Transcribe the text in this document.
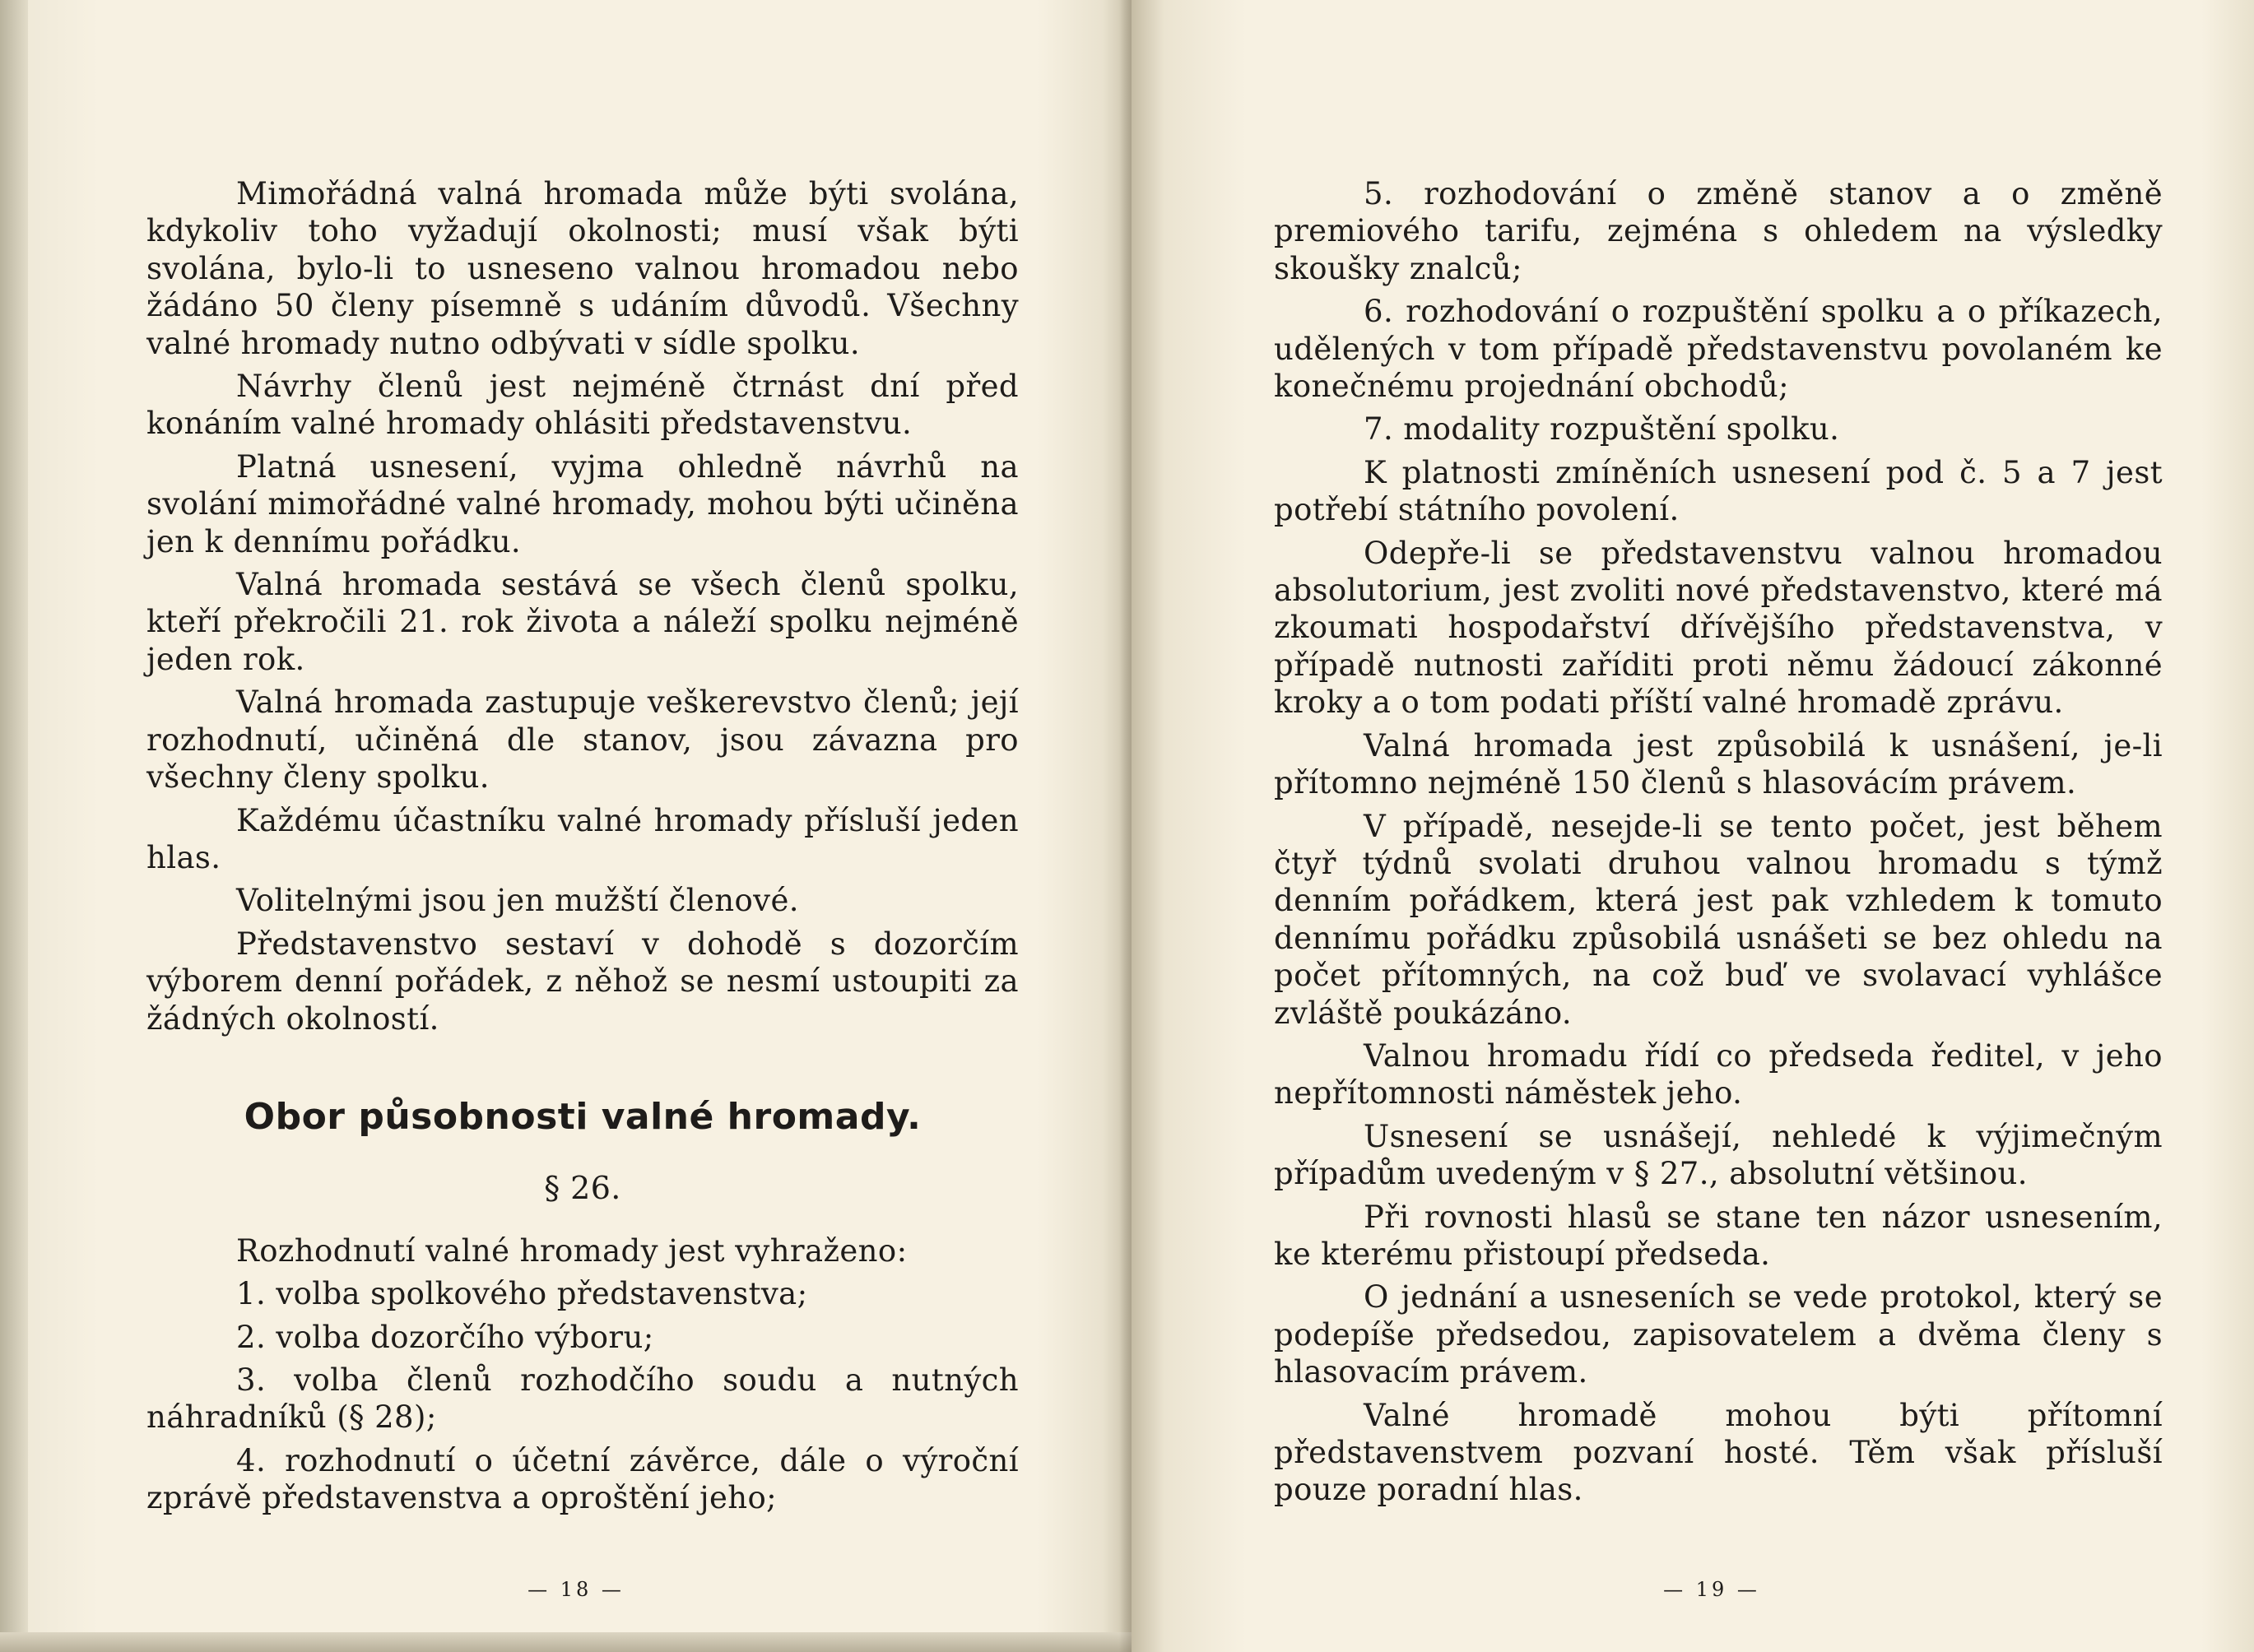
Mimořádná valná hromada může býti svolána, kdykoliv toho vyžadují okolnosti; musí však býti svolána, bylo-li to usneseno valnou hromadou nebo žádáno 50 členy písemně s udáním důvodů. Všechny valné hromady nutno odbývati v sídle spolku.

Návrhy členů jest nejméně čtrnást dní před konáním valné hromady ohlásiti představenstvu.

Platná usnesení, vyjma ohledně návrhů na svolání mimořádné valné hromady, mohou býti učiněna jen k dennímu pořádku.

Valná hromada sestává se všech členů spolku, kteří překročili 21. rok života a náleží spolku nejméně jeden rok.

Valná hromada zastupuje veškerevstvo členů; její rozhodnutí, učiněná dle stanov, jsou závazna pro všechny členy spolku.

Každému účastníku valné hromady přísluší jeden hlas.

Volitelnými jsou jen mužští členové.

Představenstvo sestaví v dohodě s dozorčím výborem denní pořádek, z něhož se nesmí ustoupiti za žádných okolností.

Obor působnosti valné hromady.
§ 26.

Rozhodnutí valné hromady jest vyhraženo:

1. volba spolkového představenstva;

2. volba dozorčího výboru;

3. volba členů rozhodčího soudu a nutných náhradníků (§ 28);

4. rozhodnutí o účetní závěrce, dále o výroční zprávě představenstva a oproštění jeho;

— 18 —

5. rozhodování o změně stanov a o změně premiového tarifu, zejména s ohledem na výsledky skoušky znalců;

6. rozhodování o rozpuštění spolku a o příkazech, udělených v tom případě představenstvu povolaném ke konečnému projednání obchodů;

7. modality rozpuštění spolku.

K platnosti zmíněních usnesení pod č. 5 a 7 jest potřebí státního povolení.

Odepře-li se představenstvu valnou hromadou absolutorium, jest zvoliti nové představenstvo, které má zkoumati hospodařství dřívějšího představenstva, v případě nutnosti zaříditi proti němu žádoucí zákonné kroky a o tom podati příští valné hromadě zprávu.

Valná hromada jest způsobilá k usnášení, je-li přítomno nejméně 150 členů s hlasovácím právem.

V případě, nesejde-li se tento počet, jest během čtyř týdnů svolati druhou valnou hromadu s týmž denním pořádkem, která jest pak vzhledem k tomuto dennímu pořádku způsobilá usnášeti se bez ohledu na počet přítomných, na což buď ve svolavací vyhlášce zvláště poukázáno.

Valnou hromadu řídí co předseda ředitel, v jeho nepřítomnosti náměstek jeho.

Usnesení se usnášejí, nehledé k výjimečným případům uvedeným v § 27., absolutní většinou.

Při rovnosti hlasů se stane ten názor usnesením, ke kterému přistoupí předseda.

O jednání a usneseních se vede protokol, který se podepíše předsedou, zapisovatelem a dvěma členy s hlasovacím právem.

Valné hromadě mohou býti přítomní představenstvem pozvaní hosté. Těm však přísluší pouze poradní hlas.

— 19 —
